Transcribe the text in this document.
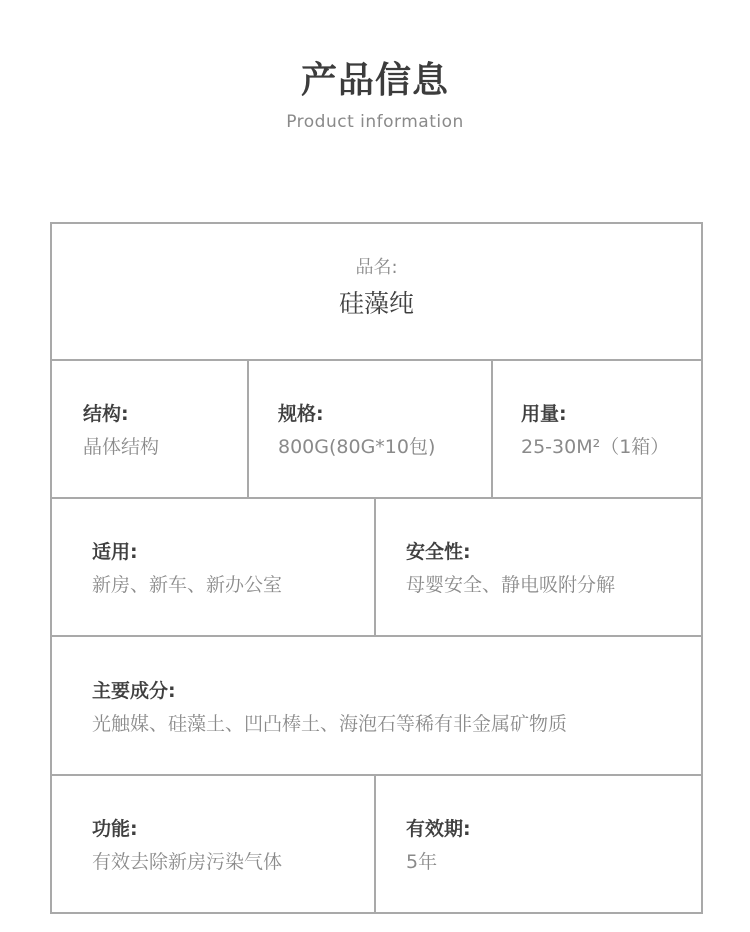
产品信息
Product information
品名:
硅藻纯
结构:
晶体结构
规格:
800G(80G*10包)
用量:
25-30M²（1箱）
适用:
新房、新车、新办公室
安全性:
母婴安全、静电吸附分解
主要成分:
光触媒、硅藻土、凹凸棒土、海泡石等稀有非金属矿物质
功能:
有效去除新房污染气体
有效期:
5年
